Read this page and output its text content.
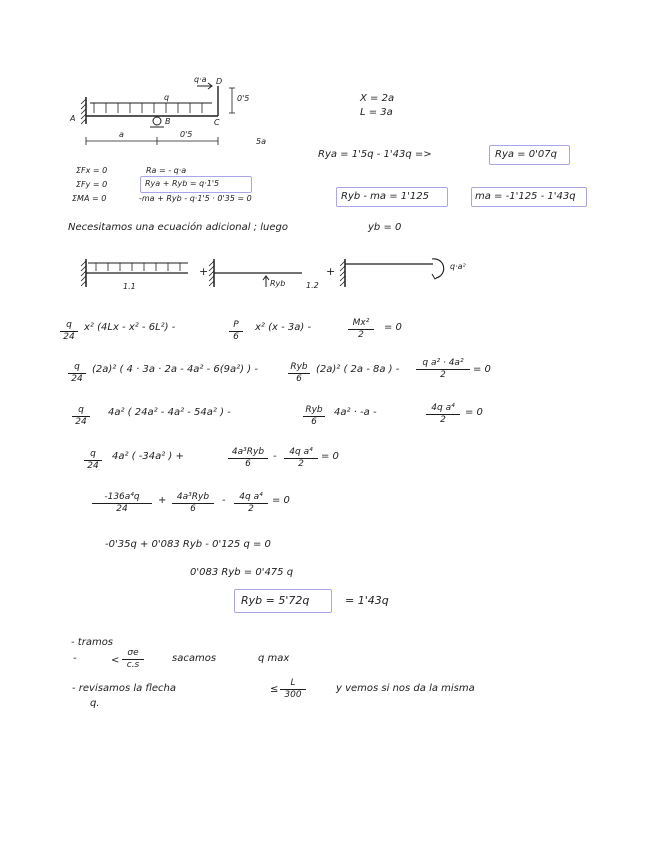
q·a D
q	0'5
A	B	C
a	0'5
5a
X = 2a
L = 3a
Rya = 1'5q - 1'43q =>	Rya = 0'07q
ΣFx = 0
ΣFy = 0
ΣMA = 0
Ra = - q·a
Rya + Ryb = q·1'5
-ma + Ryb - q·1'5 · 0'35 = 0	Ryb - ma = 1'125	ma = -1'125 - 1'43q
Necesitamos una ecuación adicional ; luego	yb = 0
+	+
1.1	Ryb	1.2
q·a²
$\frac{q}{24} x^2$ (4Lx - x² - 6L²) -	$\frac{P}{6} x^2$ (x - 3a) -	$\frac{\text{Mx²}}{2} = 0$
$\frac{q}{24} (2a)^2$ ( 4 · 3a · 2a - 4a² - 6(9a²) ) -	Ryb
6
(2a)² ( 2a - 8a ) - $\frac{\text{q a² · 4a²}}{2} = 0$
$\frac{q}{24} 4a^2$ ( 24a² - 4a² - 54a² ) -	Ryb
6
4a² · -a -	$\frac{\text{4q a⁴}}{2} = 0$
$\frac{q}{24} 4a^2$ ( -34a² ) +	4a³Ryb
6
- $\frac{\text{4q a⁴}}{2} = 0$
$\frac{\text{-136a⁴q}}{24}$ +	4a³Ryb
6
- $\frac{\text{4q a⁴}}{2} = 0$
-0'35q + 0'083 Ryb - 0'125 q = 0
0'083 Ryb = 0'475 q
Ryb = 5'72q	= 1'43q
- tramos
-	< $\frac{\sigma e}{c.s}$	sacamos	q max
- revisamos la flecha	≤ $\frac{L}{300}$	y vemos si nos da la misma
q.
